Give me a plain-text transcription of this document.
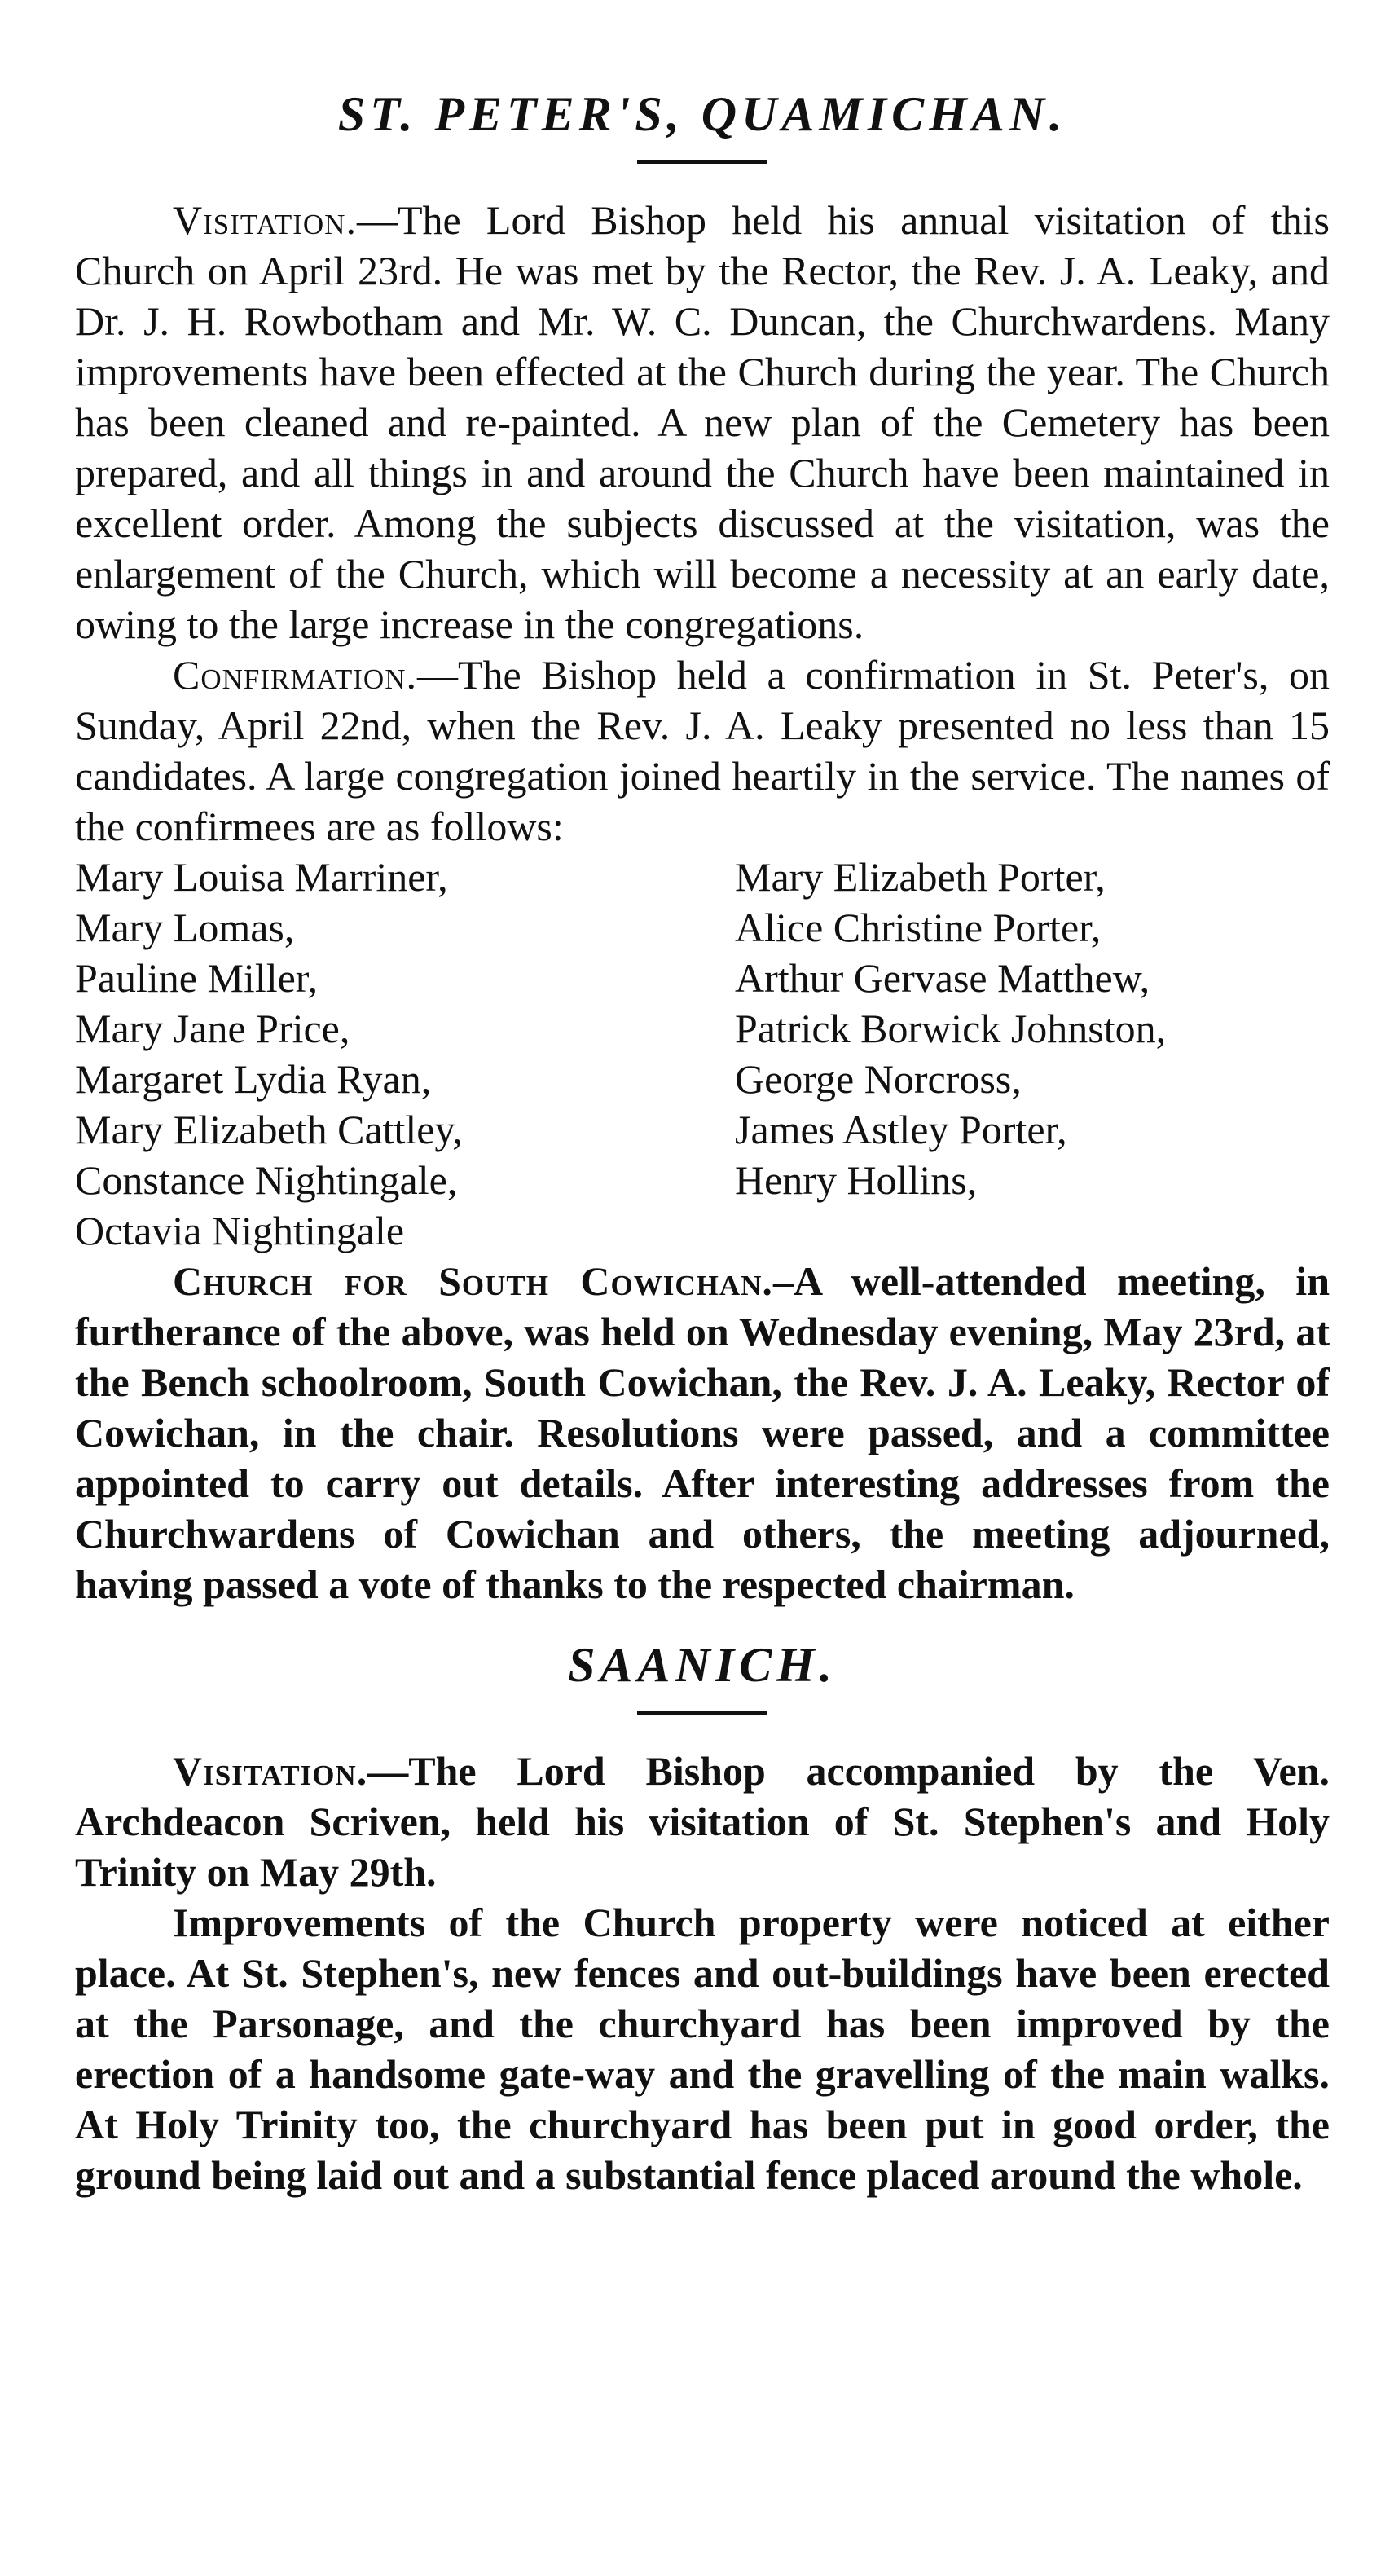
ST. PETER'S, QUAMICHAN.

Visitation.—The Lord Bishop held his annual visitation of this Church on April 23rd. He was met by the Rector, the Rev. J. A. Leaky, and Dr. J. H. Rowbotham and Mr. W. C. Duncan, the Churchwardens. Many improvements have been effected at the Church during the year. The Church has been cleaned and re-painted. A new plan of the Cemetery has been prepared, and all things in and around the Church have been maintained in excellent order. Among the subjects discussed at the visitation, was the enlargement of the Church, which will become a necessity at an early date, owing to the large increase in the congregations.

Confirmation.—The Bishop held a confirmation in St. Peter's, on Sunday, April 22nd, when the Rev. J. A. Leaky presented no less than 15 candidates. A large congregation joined heartily in the service. The names of the confirmees are as follows:

Mary Louisa Marriner,
Mary Lomas,
Pauline Miller,
Mary Jane Price,
Margaret Lydia Ryan,
Mary Elizabeth Cattley,
Constance Nightingale,
Octavia Nightingale
Mary Elizabeth Porter,
Alice Christine Porter,
Arthur Gervase Matthew,
Patrick Borwick Johnston,
George Norcross,
James Astley Porter,
Henry Hollins,

Church for South Cowichan.–A well-attended meeting, in furtherance of the above, was held on Wednesday evening, May 23rd, at the Bench schoolroom, South Cowichan, the Rev. J. A. Leaky, Rector of Cowichan, in the chair. Resolutions were passed, and a committee appointed to carry out details. After interesting addresses from the Churchwardens of Cowichan and others, the meeting adjourned, having passed a vote of thanks to the respected chairman.

SAANICH.

Visitation.—The Lord Bishop accompanied by the Ven. Archdeacon Scriven, held his visitation of St. Stephen's and Holy Trinity on May 29th.

Improvements of the Church property were noticed at either place. At St. Stephen's, new fences and out-buildings have been erected at the Parsonage, and the churchyard has been improved by the erection of a handsome gate-way and the gravelling of the main walks. At Holy Trinity too, the churchyard has been put in good order, the ground being laid out and a substantial fence placed around the whole.
